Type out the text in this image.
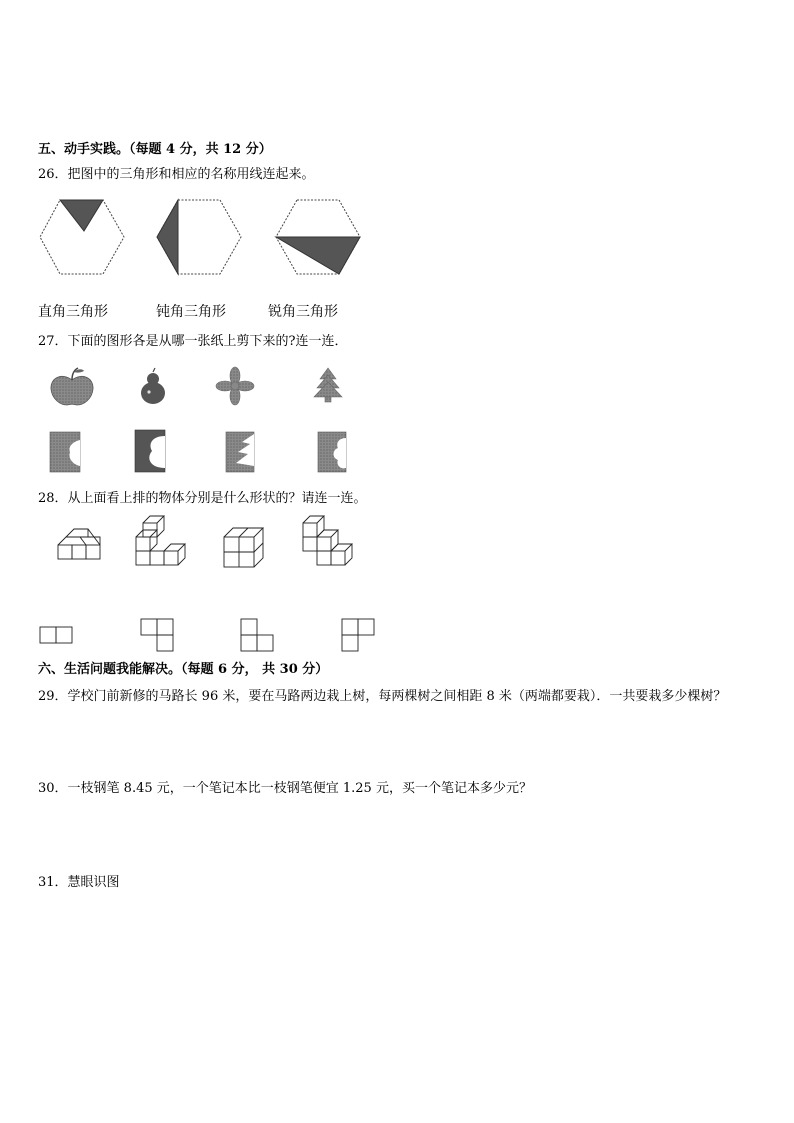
五、动手实践。（每题 4 分，共 12 分）
26．把图中的三角形和相应的名称用线连起来。
直角三角形	钝角三角形	锐角三角形
27．下面的图形各是从哪一张纸上剪下来的?连一连．
28．从上面看上排的物体分别是什么形状的？请连一连。
六、生活问题我能解决。（每题 6 分， 共 30 分）
29．学校门前新修的马路长 96 米，要在马路两边栽上树，每两棵树之间相距 8 米（两端都要栽）．一共要栽多少棵树？
30．一枝钢笔 8.45 元，一个笔记本比一枝钢笔便宜 1.25 元，买一个笔记本多少元？
31．慧眼识图
